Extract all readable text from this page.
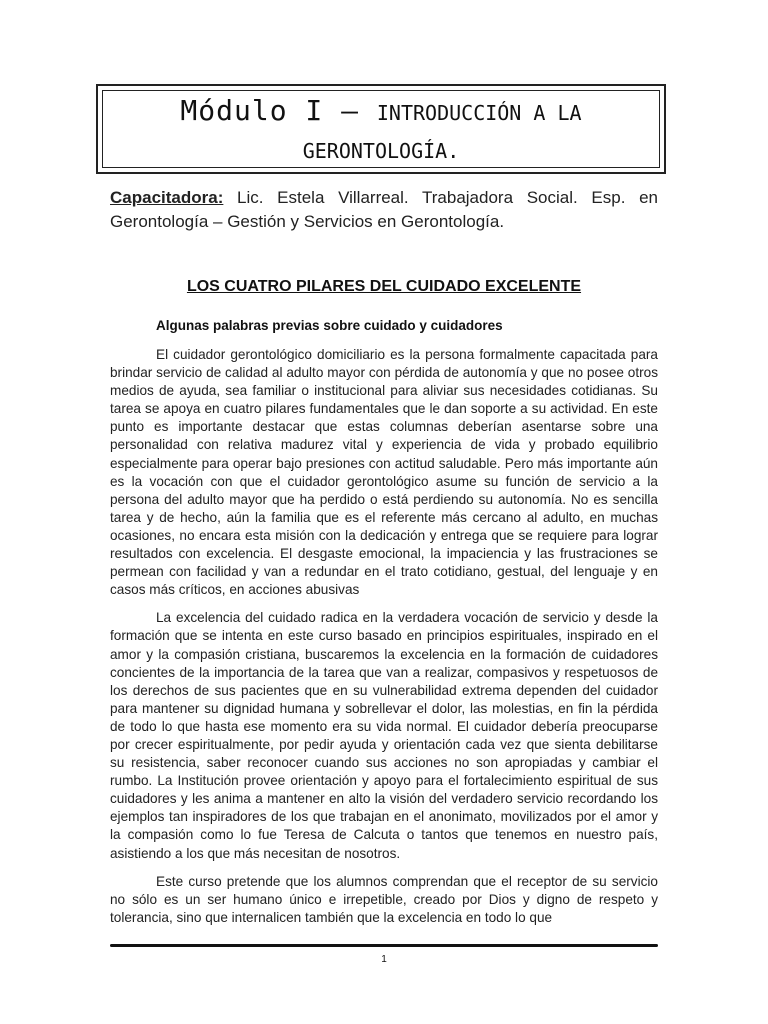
Módulo I – INTRODUCCIÓN A LA
GERONTOLOGÍA.
Capacitadora: Lic. Estela Villarreal. Trabajadora Social. Esp. en Gerontología – Gestión y Servicios en Gerontología.
LOS CUATRO PILARES DEL CUIDADO EXCELENTE
Algunas palabras previas sobre cuidado y cuidadores

El cuidador gerontológico domiciliario es la persona formalmente capacitada para brindar servicio de calidad al adulto mayor con pérdida de autonomía y que no posee otros medios de ayuda, sea familiar o institucional para aliviar sus necesidades cotidianas. Su tarea se apoya en cuatro pilares fundamentales que le dan soporte a su actividad. En este punto es importante destacar que estas columnas deberían asentarse sobre una personalidad con relativa madurez vital y experiencia de vida y probado equilibrio especialmente para operar bajo presiones con actitud saludable. Pero más importante aún es la vocación con que el cuidador gerontológico asume su función de servicio a la persona del adulto mayor que ha perdido o está perdiendo su autonomía. No es sencilla tarea y de hecho, aún la familia que es el referente más cercano al adulto, en muchas ocasiones, no encara esta misión con la dedicación y entrega que se requiere para lograr resultados con excelencia. El desgaste emocional, la impaciencia y las frustraciones se permean con facilidad y van a redundar en el trato cotidiano, gestual, del lenguaje y en casos más críticos, en acciones abusivas

La excelencia del cuidado radica en la verdadera vocación de servicio y desde la formación que se intenta en este curso basado en principios espirituales, inspirado en el amor y la compasión cristiana, buscaremos la excelencia en la formación de cuidadores concientes de la importancia de la tarea que van a realizar, compasivos y respetuosos de los derechos de sus pacientes que en su vulnerabilidad extrema dependen del cuidador para mantener su dignidad humana y sobrellevar el dolor, las molestias, en fin la pérdida de todo lo que hasta ese momento era su vida normal. El cuidador debería preocuparse por crecer espiritualmente, por pedir ayuda y orientación cada vez que sienta debilitarse su resistencia, saber reconocer cuando sus acciones no son apropiadas y cambiar el rumbo. La Institución provee orientación y apoyo para el fortalecimiento espiritual de sus cuidadores y les anima a mantener en alto la visión del verdadero servicio recordando los ejemplos tan inspiradores de los que trabajan en el anonimato, movilizados por el amor y la compasión como lo fue Teresa de Calcuta o tantos que tenemos en nuestro país, asistiendo a los que más necesitan de nosotros.

Este curso pretende que los alumnos comprendan que el receptor de su servicio no sólo es un ser humano único e irrepetible, creado por Dios y digno de respeto y tolerancia, sino que internalicen también que la excelencia en todo lo que

1
